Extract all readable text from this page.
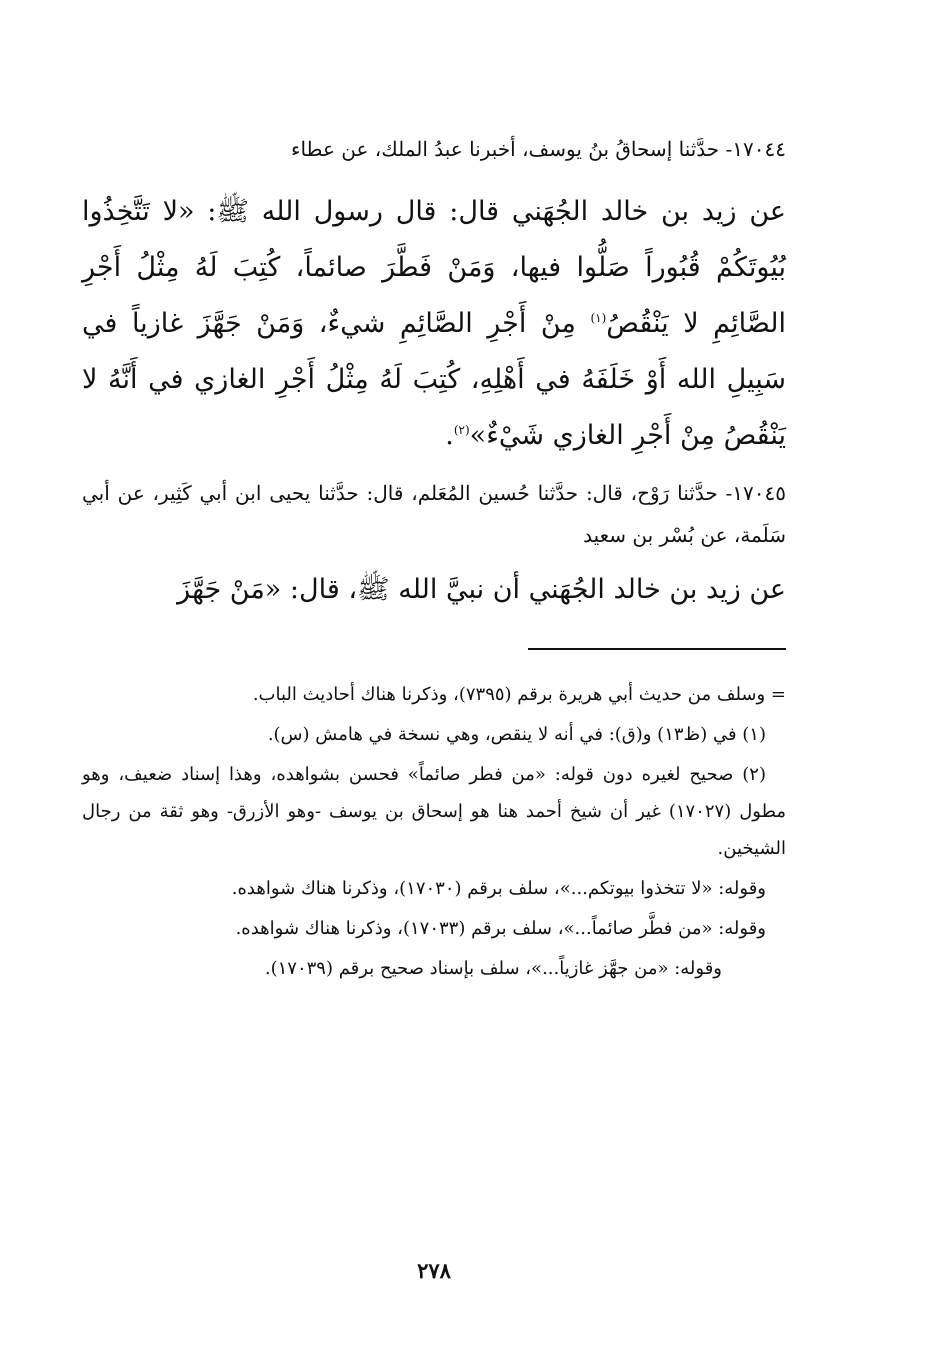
١٧٠٤٤- حدَّثنا إسحاقُ بنُ يوسف، أخبرنا عبدُ الملك، عن عطاء

عن زيد بن خالد الجُهَني قال: قال رسول الله ﷺ: «لا تَتَّخِذُوا بُيُوتَكُمْ قُبُوراً صَلُّوا فيها، وَمَنْ فَطَّرَ صائماً، كُتِبَ لَهُ مِثْلُ أَجْرِ الصَّائِمِ لا يَنْقُصُ$^{(١)}$ مِنْ أَجْرِ الصَّائِمِ شيءٌ، وَمَنْ جَهَّزَ غازياً في سَبِيلِ الله أَوْ خَلَفَهُ في أَهْلِهِ، كُتِبَ لَهُ مِثْلُ أَجْرِ الغازي في أَنَّهُ لا يَنْقُصُ مِنْ أَجْرِ الغازي شَيْءٌ»$^{(٢)}$.

١٧٠٤٥- حدَّثنا رَوْح، قال: حدَّثنا حُسين المُعَلم، قال: حدَّثنا يحيى ابن أبي كَثِير، عن أبي سَلَمة، عن بُسْر بن سعيد

عن زيد بن خالد الجُهَني أن نبيَّ الله ﷺ، قال: «مَنْ جَهَّزَ

= وسلف من حديث أبي هريرة برقم (٧٣٩٥)، وذكرنا هناك أحاديث الباب.

(١) في (ظ١٣) و(ق): في أنه لا ينقص، وهي نسخة في هامش (س).

(٢) صحيح لغيره دون قوله: «من فطر صائماً» فحسن بشواهده، وهذا إسناد ضعيف، وهو مطول (١٧٠٢٧) غير أن شيخ أحمد هنا هو إسحاق بن يوسف -وهو الأزرق- وهو ثقة من رجال الشيخين.

وقوله: «لا تتخذوا بيوتكم...»، سلف برقم (١٧٠٣٠)، وذكرنا هناك شواهده.

وقوله: «من فطَّر صائماً...»، سلف برقم (١٧٠٣٣)، وذكرنا هناك شواهده.

وقوله: «من جهَّز غازياً...»، سلف بإسناد صحيح برقم (١٧٠٣٩).

٢٧٨
